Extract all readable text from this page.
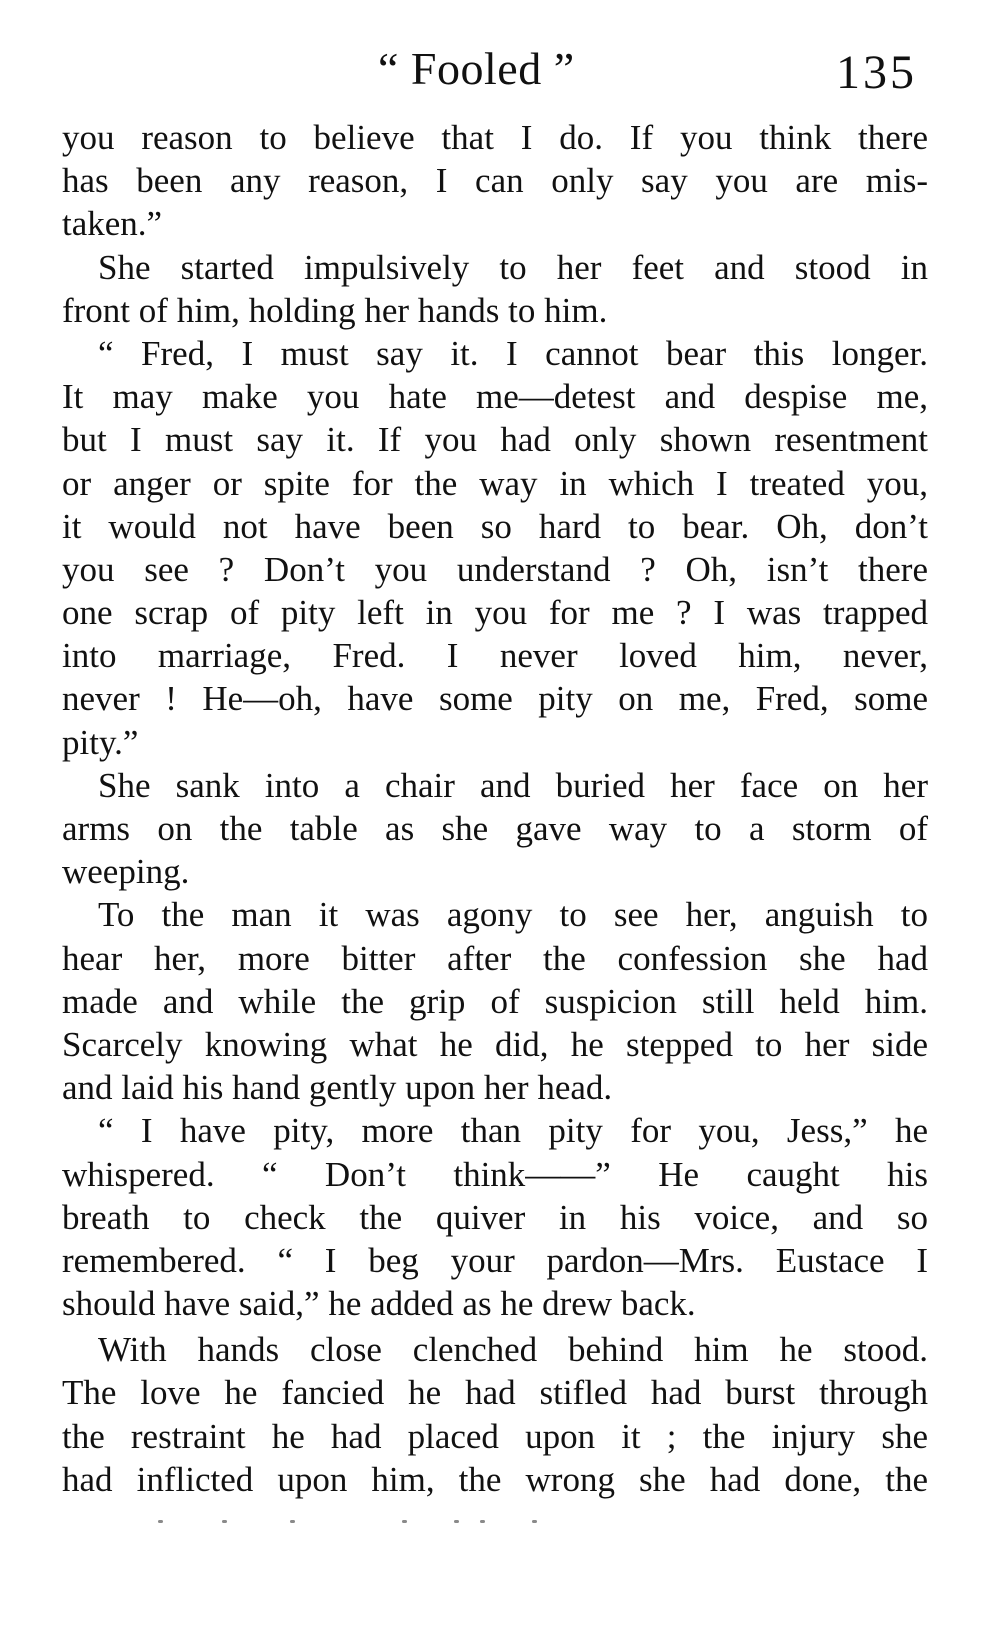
“ Fooled ”	135
you reason to believe that I do. If you think there
has been any reason, I can only say you are mis-
taken.”
She started impulsively to her feet and stood in
front of him, holding her hands to him.
“ Fred, I must say it. I cannot bear this longer.
It may make you hate me—detest and despise me,
but I must say it. If you had only shown resentment
or anger or spite for the way in which I treated you,
it would not have been so hard to bear. Oh, don’t
you see ? Don’t you understand ? Oh, isn’t there
one scrap of pity left in you for me ? I was trapped
into marriage, Fred. I never loved him, never,
never ! He—oh, have some pity on me, Fred, some
pity.”
She sank into a chair and buried her face on her
arms on the table as she gave way to a storm of
weeping.
To the man it was agony to see her, anguish to
hear her, more bitter after the confession she had
made and while the grip of suspicion still held him.
Scarcely knowing what he did, he stepped to her side
and laid his hand gently upon her head.
“ I have pity, more than pity for you, Jess,” he
whispered. “ Don’t think——” He caught his
breath to check the quiver in his voice, and so
remembered. “ I beg your pardon—Mrs. Eustace I
should have said,” he added as he drew back.
With hands close clenched behind him he stood.
The love he fancied he had stifled had burst through
the restraint he had placed upon it ; the injury she
had inflicted upon him, the wrong she had done, the
